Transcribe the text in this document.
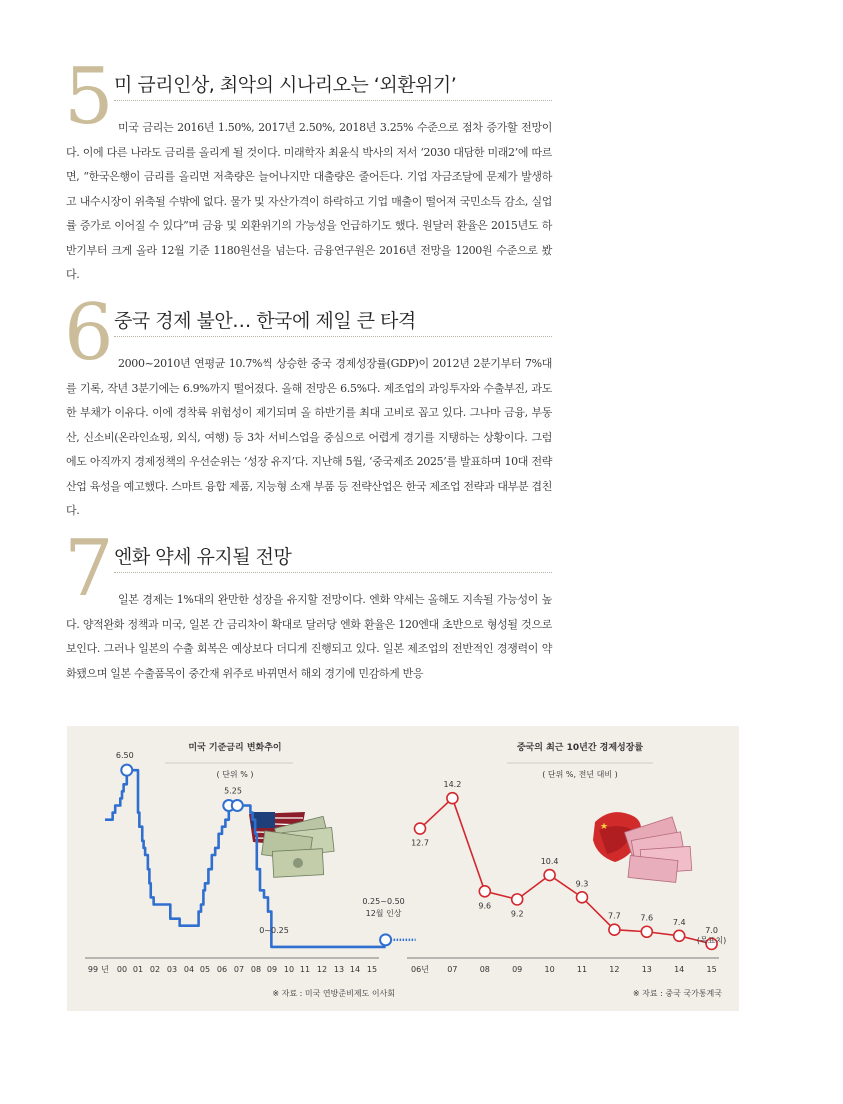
5 미 금리인상, 최악의 시나리오는 ‘외환위기’
미국 금리는 2016년 1.50%, 2017년 2.50%, 2018년 3.25% 수준으로 점차 증가할 전망이다. 이에 다른 나라도 금리를 올리게 될 것이다. 미래학자 최윤식 박사의 저서 ‘2030 대담한 미래2’에 따르면, “한국은행이 금리를 올리면 저축량은 늘어나지만 대출량은 줄어든다. 기업 자금조달에 문제가 발생하고 내수시장이 위축될 수밖에 없다. 물가 및 자산가격이 하락하고 기업 매출이 떨어져 국민소득 감소, 실업률 증가로 이어질 수 있다”며 금융 및 외환위기의 가능성을 언급하기도 했다. 원달러 환율은 2015년도 하반기부터 크게 올라 12월 기준 1180원선을 넘는다. 금융연구원은 2016년 전망을 1200원 수준으로 봤다.
6 중국 경제 불안… 한국에 제일 큰 타격
2000~2010년 연평균 10.7%씩 상승한 중국 경제성장률(GDP)이 2012년 2분기부터 7%대를 기록, 작년 3분기에는 6.9%까지 떨어졌다. 올해 전망은 6.5%다. 제조업의 과잉투자와 수출부진, 과도한 부채가 이유다. 이에 경착륙 위험성이 제기되며 올 하반기를 최대 고비로 꼽고 있다. 그나마 금융, 부동산, 신소비(온라인쇼핑, 외식, 여행) 등 3차 서비스업을 중심으로 어렵게 경기를 지탱하는 상황이다. 그럼에도 아직까지 경제정책의 우선순위는 ‘성장 유지’다. 지난해 5월, ‘중국제조 2025’를 발표하며 10대 전략산업 육성을 예고했다. 스마트 융합 제품, 지능형 소재 부품 등 전략산업은 한국 제조업 전략과 대부분 겹친다.
7 엔화 약세 유지될 전망
일본 경제는 1%대의 완만한 성장을 유지할 전망이다. 엔화 약세는 올해도 지속될 가능성이 높다. 양적완화 정책과 미국, 일본 간 금리차이 확대로 달러당 엔화 환율은 120엔대 초반으로 형성될 것으로 보인다. 그러나 일본의 수출 회복은 예상보다 더디게 진행되고 있다. 일본 제조업의 전반적인 경쟁력이 약화됐으며 일본 수출품목이 중간재 위주로 바뀌면서 해외 경기에 민감하게 반응
미국 기준금리 변화추이
( 단위 % )
※ 자료 : 미국 연방준비제도 이사회
중국의 최근 10년간 경제성장률
( 단위 %, 전년 대비 )
※ 자료 : 중국 국가통계국
★
99 년 00 01 02 03 04 05 06 07 08 09 10 11 12 13 14 15
6.50
5.25
0~0.25
0.25~0.50
12월 인상
06년 07	08	09	10	11	12	13	14	15
12.7
14.2
9.6
9.2
10.4
9.3
7.7 7.6 7.4
7.0
(목표치)
